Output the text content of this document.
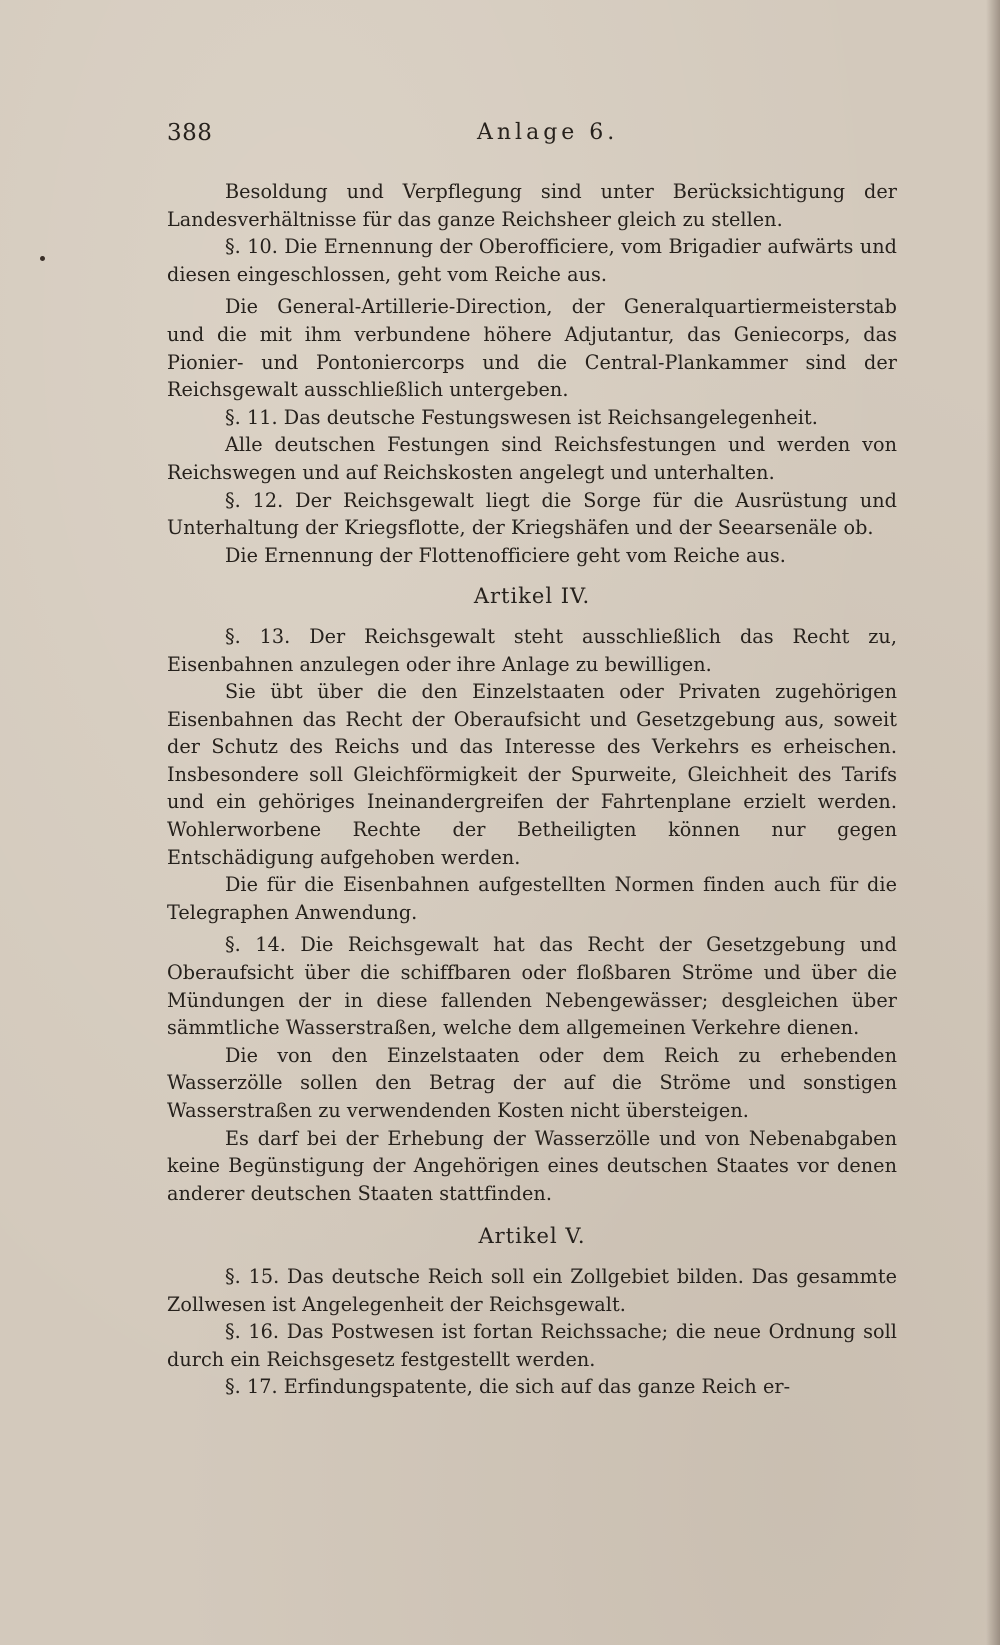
388	Anlage 6.

Besoldung und Verpflegung sind unter Berücksichtigung der Landesverhältnisse für das ganze Reichsheer gleich zu stellen.

§. 10. Die Ernennung der Oberofficiere, vom Brigadier aufwärts und diesen eingeschlossen, geht vom Reiche aus.

Die General-Artillerie-Direction, der Generalquartiermeisterstab und die mit ihm verbundene höhere Adjutantur, das Geniecorps, das Pionier- und Pontoniercorps und die Central-Plankammer sind der Reichsgewalt ausschließlich untergeben.

§. 11. Das deutsche Festungswesen ist Reichsangelegenheit.

Alle deutschen Festungen sind Reichsfestungen und werden von Reichswegen und auf Reichskosten angelegt und unterhalten.

§. 12. Der Reichsgewalt liegt die Sorge für die Ausrüstung und Unterhaltung der Kriegsflotte, der Kriegshäfen und der Seearsenäle ob.

Die Ernennung der Flottenofficiere geht vom Reiche aus.

Artikel IV.

§. 13. Der Reichsgewalt steht ausschließlich das Recht zu, Eisenbahnen anzulegen oder ihre Anlage zu bewilligen.

Sie übt über die den Einzelstaaten oder Privaten zugehörigen Eisenbahnen das Recht der Oberaufsicht und Gesetzgebung aus, soweit der Schutz des Reichs und das Interesse des Verkehrs es erheischen. Insbesondere soll Gleichförmigkeit der Spurweite, Gleichheit des Tarifs und ein gehöriges Ineinandergreifen der Fahrtenplane erzielt werden. Wohlerworbene Rechte der Betheiligten können nur gegen Entschädigung aufgehoben werden.

Die für die Eisenbahnen aufgestellten Normen finden auch für die Telegraphen Anwendung.

§. 14. Die Reichsgewalt hat das Recht der Gesetzgebung und Oberaufsicht über die schiffbaren oder floßbaren Ströme und über die Mündungen der in diese fallenden Nebengewässer; desgleichen über sämmtliche Wasserstraßen, welche dem allgemeinen Verkehre dienen.

Die von den Einzelstaaten oder dem Reich zu erhebenden Wasserzölle sollen den Betrag der auf die Ströme und sonstigen Wasserstraßen zu verwendenden Kosten nicht übersteigen.

Es darf bei der Erhebung der Wasserzölle und von Nebenabgaben keine Begünstigung der Angehörigen eines deutschen Staates vor denen anderer deutschen Staaten stattfinden.

Artikel V.

§. 15. Das deutsche Reich soll ein Zollgebiet bilden. Das gesammte Zollwesen ist Angelegenheit der Reichsgewalt.

§. 16. Das Postwesen ist fortan Reichssache; die neue Ordnung soll durch ein Reichsgesetz festgestellt werden.

§. 17. Erfindungspatente, die sich auf das ganze Reich er-
